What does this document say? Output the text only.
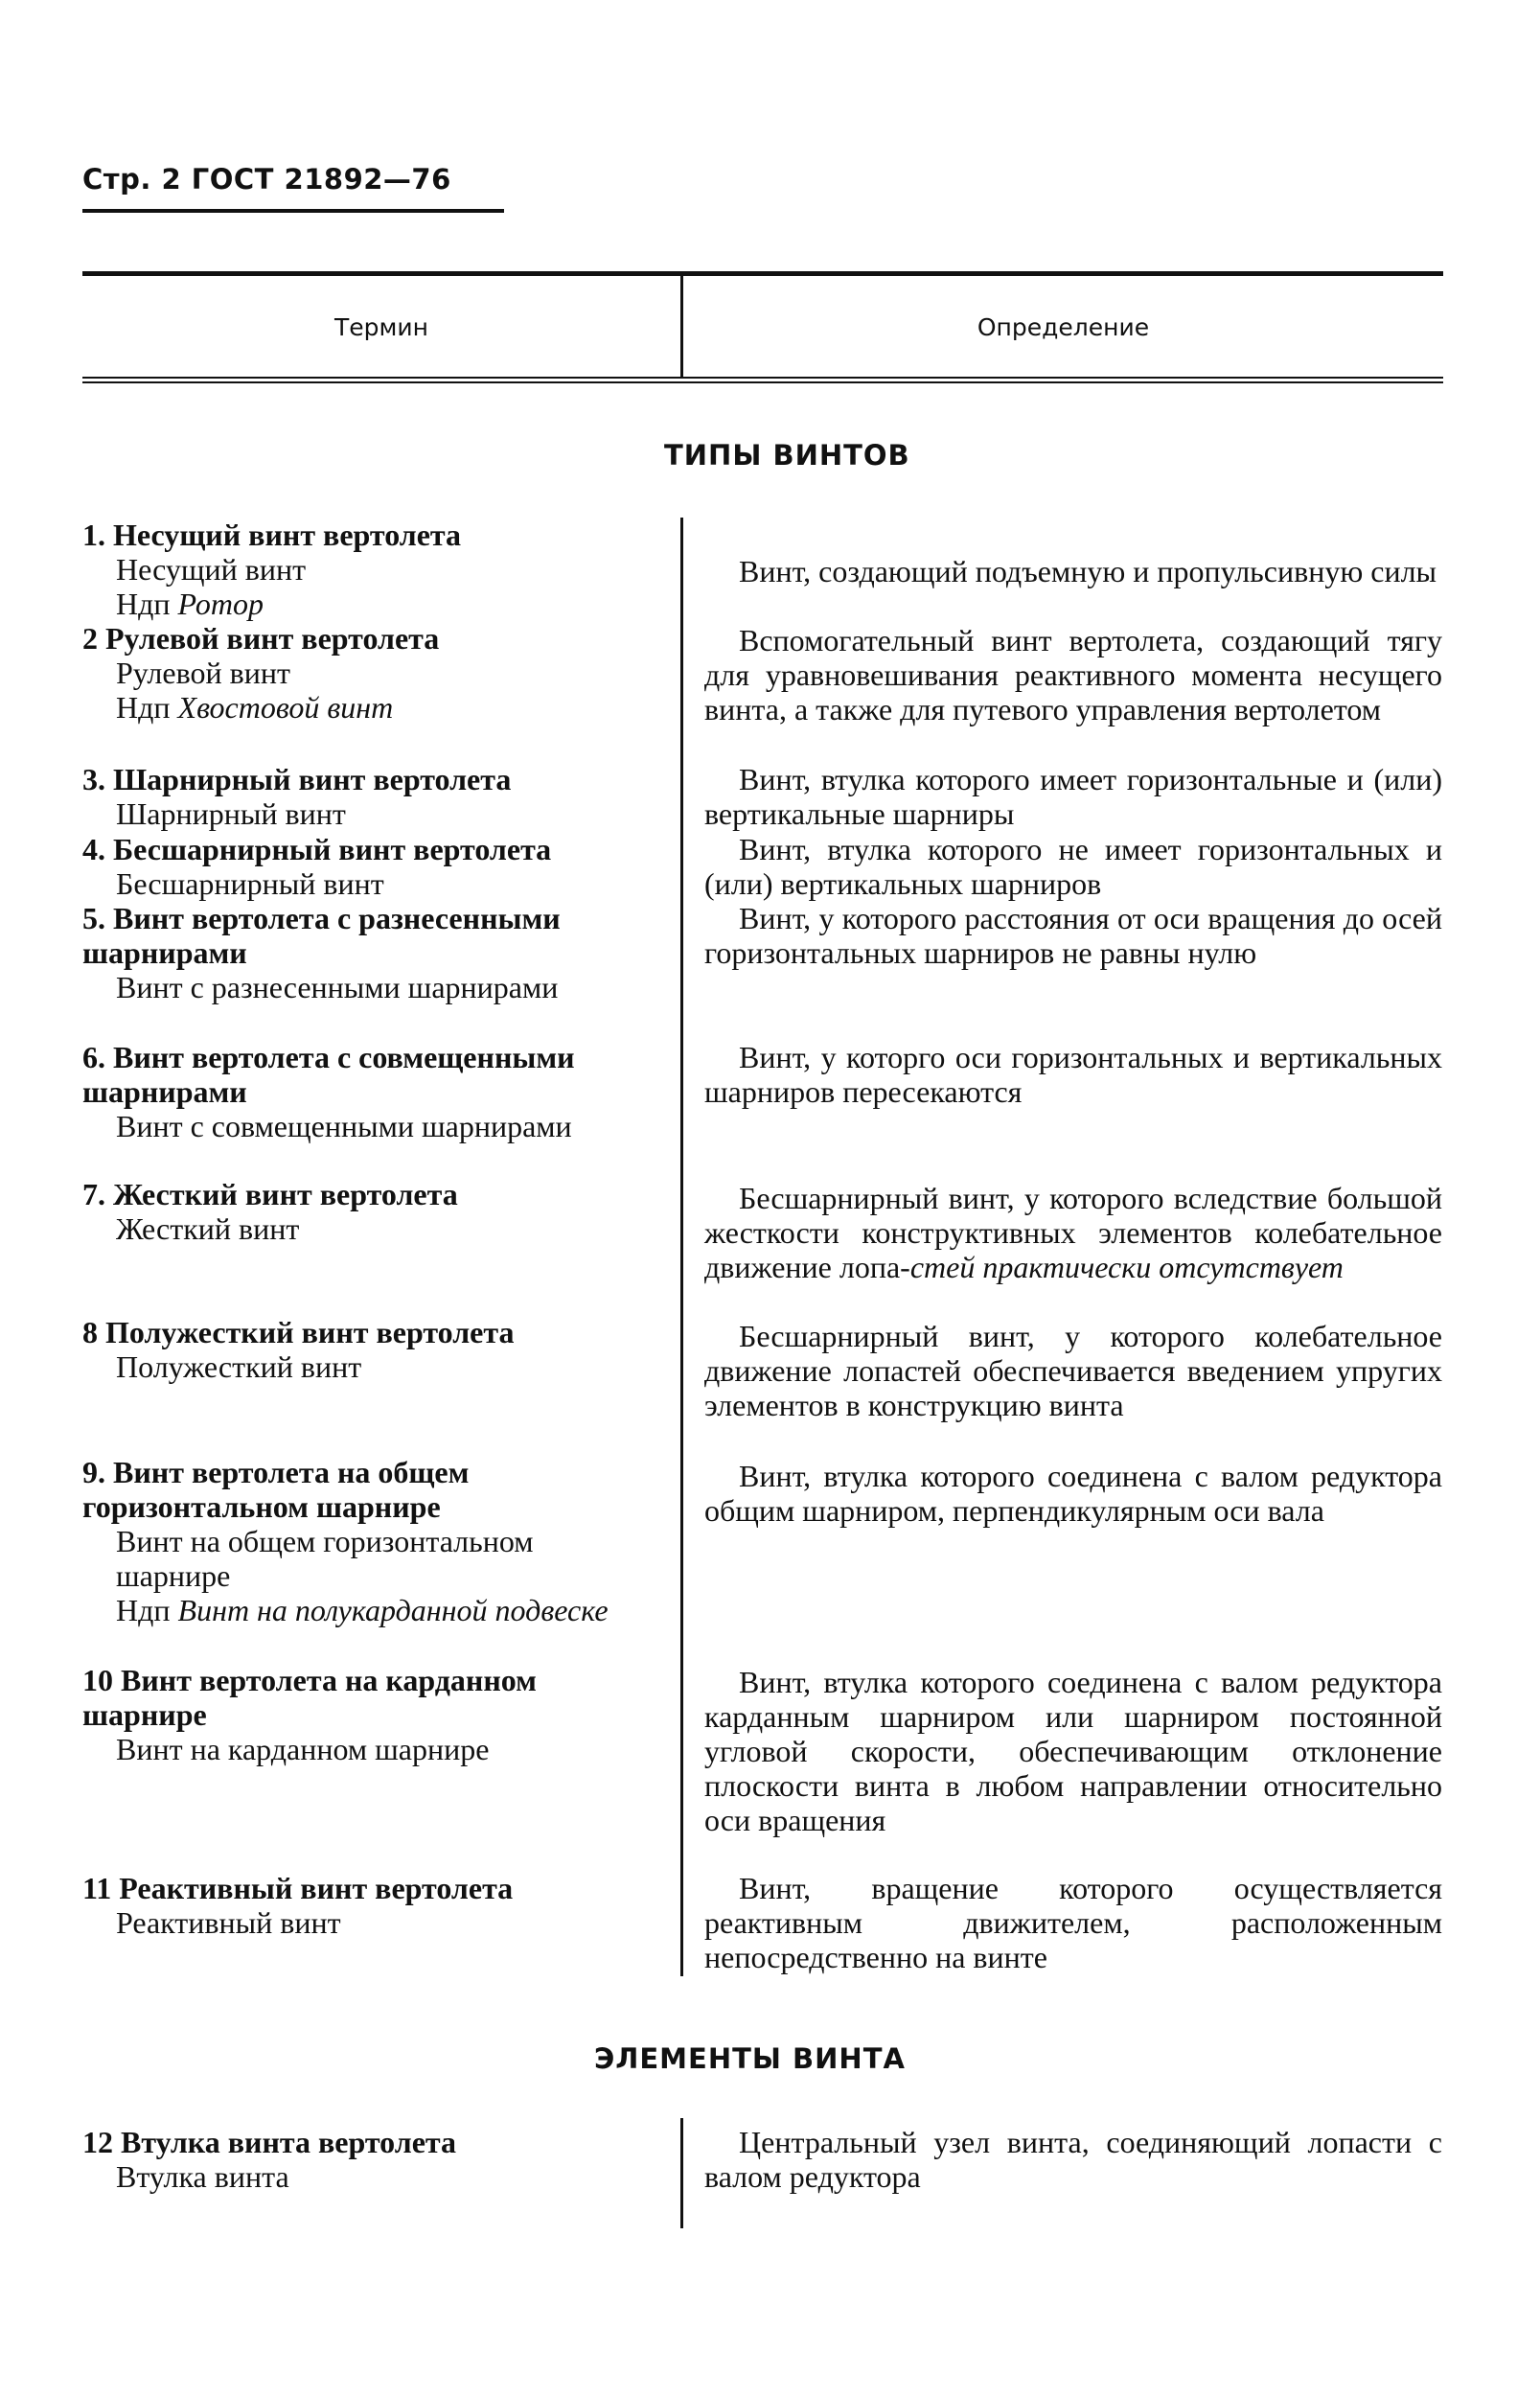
Стр. 2 ГОСТ 21892—76
Термин	Определение
ТИПЫ ВИНТОВ
1. Несущий винт вертолета
Несущий винт
Ндп Ротор
Винт, создающий подъемную и пропульсивную силы
2 Рулевой винт вертолета
Рулевой винт
Ндп Хвостовой винт
Вспомогательный винт вертолета, создающий тягу для уравновешивания реактивного момента несущего винта, а также для путевого управления вертолетом
3. Шарнирный винт вертолета
Шарнирный винт
Винт, втулка которого имеет горизонтальные и (или) вертикальные шарниры
4. Бесшарнирный винт вертолета
Бесшарнирный винт
Винт, втулка которого не имеет горизонтальных и (или) вертикальных шарниров
5. Винт вертолета с разнесенными шарнирами
Винт с разнесенными шарнирами
Винт, у которого расстояния от оси вращения до осей горизонтальных шарниров не равны нулю
6. Винт вертолета с совмещенными шарнирами
Винт с совмещенными шарнирами
Винт, у которго оси горизонтальных и вертикальных шарниров пересекаются
7. Жесткий винт вертолета
Жесткий винт
Бесшарнирный винт, у которого вследствие большой жесткости конструктивных элементов колебательное движение лопа-стей практически отсутствует
8 Полужесткий винт вертолета
Полужесткий винт
Бесшарнирный винт, у которого колебательное движение лопастей обеспечивается введением упругих элементов в конструкцию винта
9. Винт вертолета на общем горизонтальном шарнире
Винт на общем горизонтальном шарнире
Ндп Винт на полукарданной подвеске
Винт, втулка которого соединена с валом редуктора общим шарниром, перпендикулярным оси вала
10 Винт вертолета на карданном шарнире
Винт на карданном шарнире
Винт, втулка которого соединена с валом редуктора карданным шарниром или шарниром постоянной угловой скорости, обеспечивающим отклонение плоскости винта в любом направлении относительно оси вращения
11 Реактивный винт вертолета
Реактивный винт
Винт, вращение которого осуществляется реактивным движителем, расположенным непосредственно на винте
ЭЛЕМЕНТЫ ВИНТА
12 Втулка винта вертолета
Втулка винта
Центральный узел винта, соединяющий лопасти с валом редуктора
